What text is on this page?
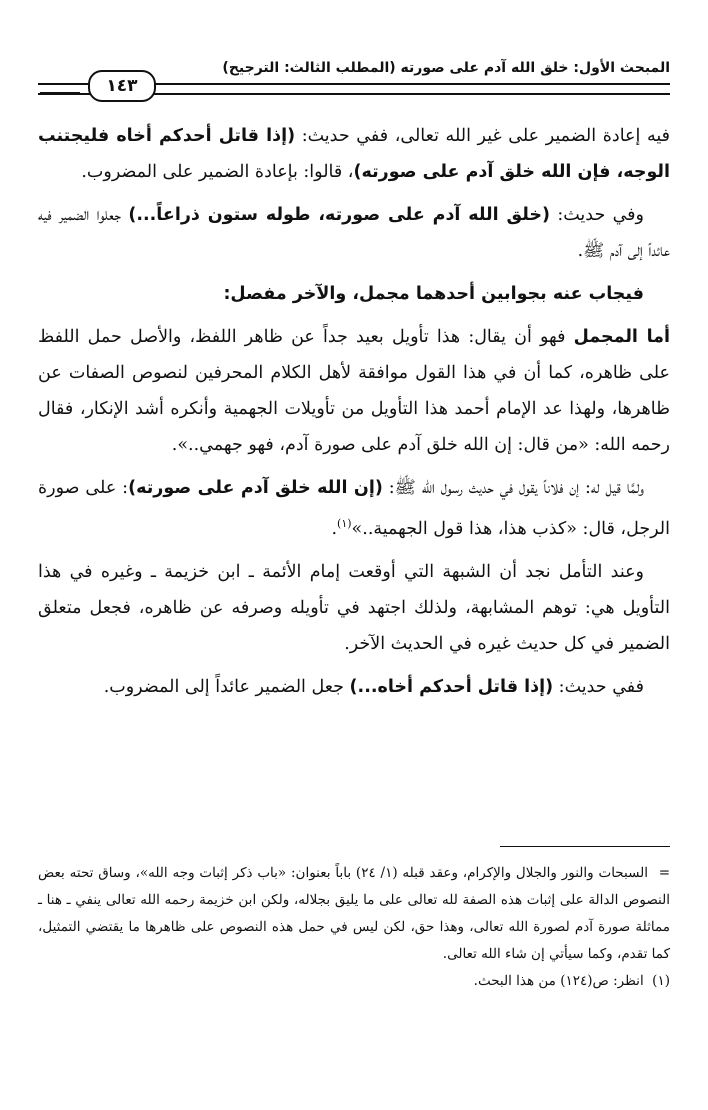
المبحث الأول: خلق الله آدم على صورته (المطلب الثالث: الترجيح)
١٤٣

فيه إعادة الضمير على غير الله تعالى، ففي حديث: (إذا قاتل أحدكم أخاه فليجتنب الوجه، فإن الله خلق آدم على صورته)، قالوا: بإعادة الضمير على المضروب.

وفي حديث: (خلق الله آدم على صورته، طوله ستون ذراعاً...) جعلوا الضمير فيه عائداً إلى آدم ﷺ.

فيجاب عنه بجوابين أحدهما مجمل، والآخر مفصل:

أما المجمل فهو أن يقال: هذا تأويل بعيد جداً عن ظاهر اللفظ، والأصل حمل اللفظ على ظاهره، كما أن في هذا القول موافقة لأهل الكلام المحرفين لنصوص الصفات عن ظاهرها، ولهذا عد الإمام أحمد هذا التأويل من تأويلات الجهمية وأنكره أشد الإنكار، فقال رحمه الله: «من قال: إن الله خلق آدم على صورة آدم، فهو جهمي..».

ولمَّا قيل له: إن فلاناً يقول في حديث رسول الله ﷺ: (إن الله خلق آدم على صورته): على صورة الرجل، قال: «كذب هذا، هذا قول الجهمية..»$^{(١)}$.

وعند التأمل نجد أن الشبهة التي أوقعت إمام الأئمة ـ ابن خزيمة ـ وغيره في هذا التأويل هي: توهم المشابهة، ولذلك اجتهد في تأويله وصرفه عن ظاهره، فجعل متعلق الضمير في كل حديث غيره في الحديث الآخر.

ففي حديث: (إذا قاتل أحدكم أخاه...) جعل الضمير عائداً إلى المضروب.

=السبحات والنور والجلال والإكرام، وعقد قبله (١/ ٢٤) باباً بعنوان: «باب ذكر إثبات وجه الله»، وساق تحته بعض النصوص الدالة على إثبات هذه الصفة لله تعالى على ما يليق بجلاله، ولكن ابن خزيمة رحمه الله تعالى ينفي ـ هنا ـ مماثلة صورة آدم لصورة الله تعالى، وهذا حق، لكن ليس في حمل هذه النصوص على ظاهرها ما يقتضي التمثيل، كما تقدم، وكما سيأتي إن شاء الله تعالى.

(١) انظر: ص(١٢٤) من هذا البحث.
